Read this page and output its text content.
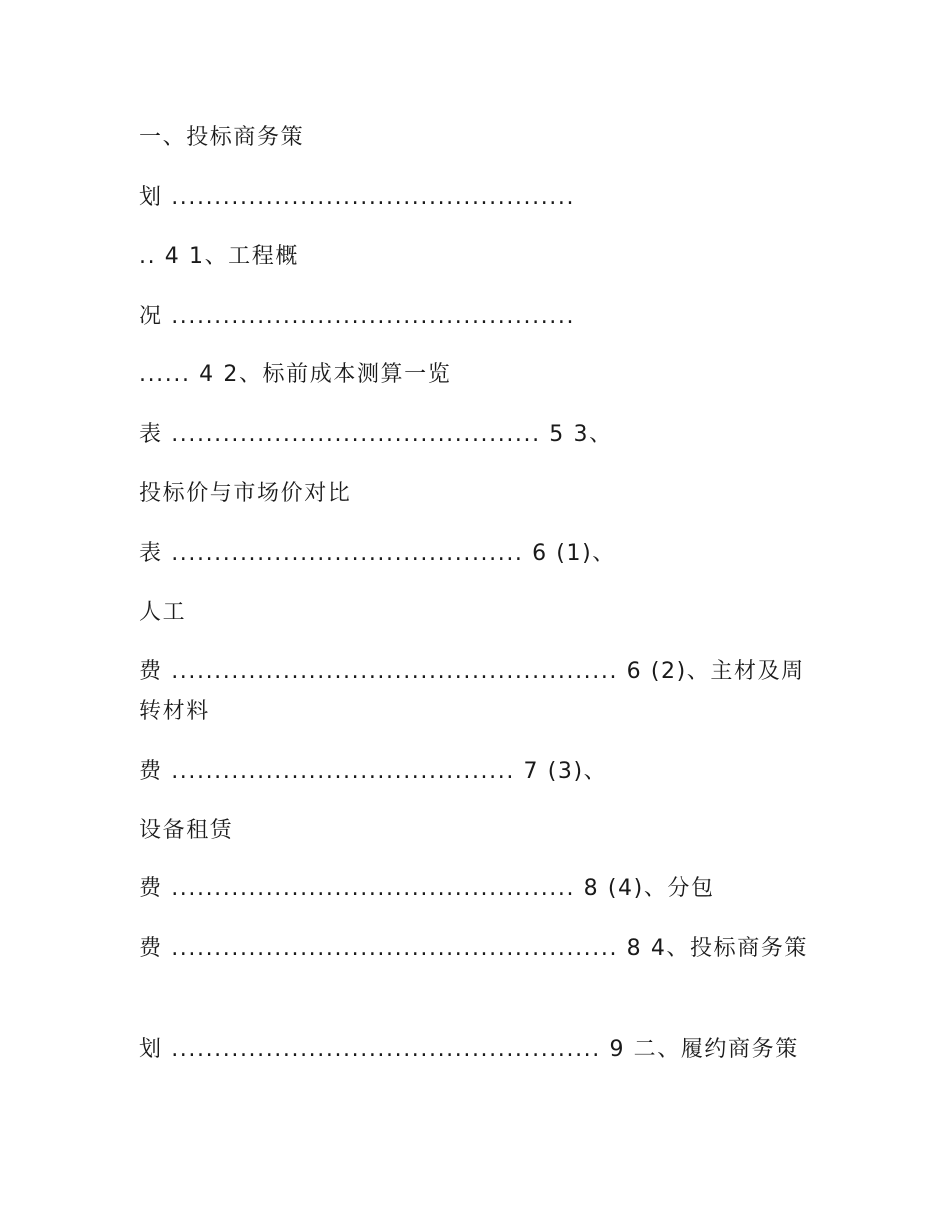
一、投标商务策
划 ...............................................
.. 4 1、工程概
况 ...............................................
...... 4 2、标前成本测算一览
表 ........................................... 5 3、
投标价与市场价对比
表 ......................................... 6 (1)、
人工
费 .................................................... 6 (2)、主材及周转材料
费 ........................................ 7 (3)、
设备租赁
费 ............................................... 8 (4)、分包
费 .................................................... 8 4、投标商务策
划 .................................................. 9 二、履约商务策
